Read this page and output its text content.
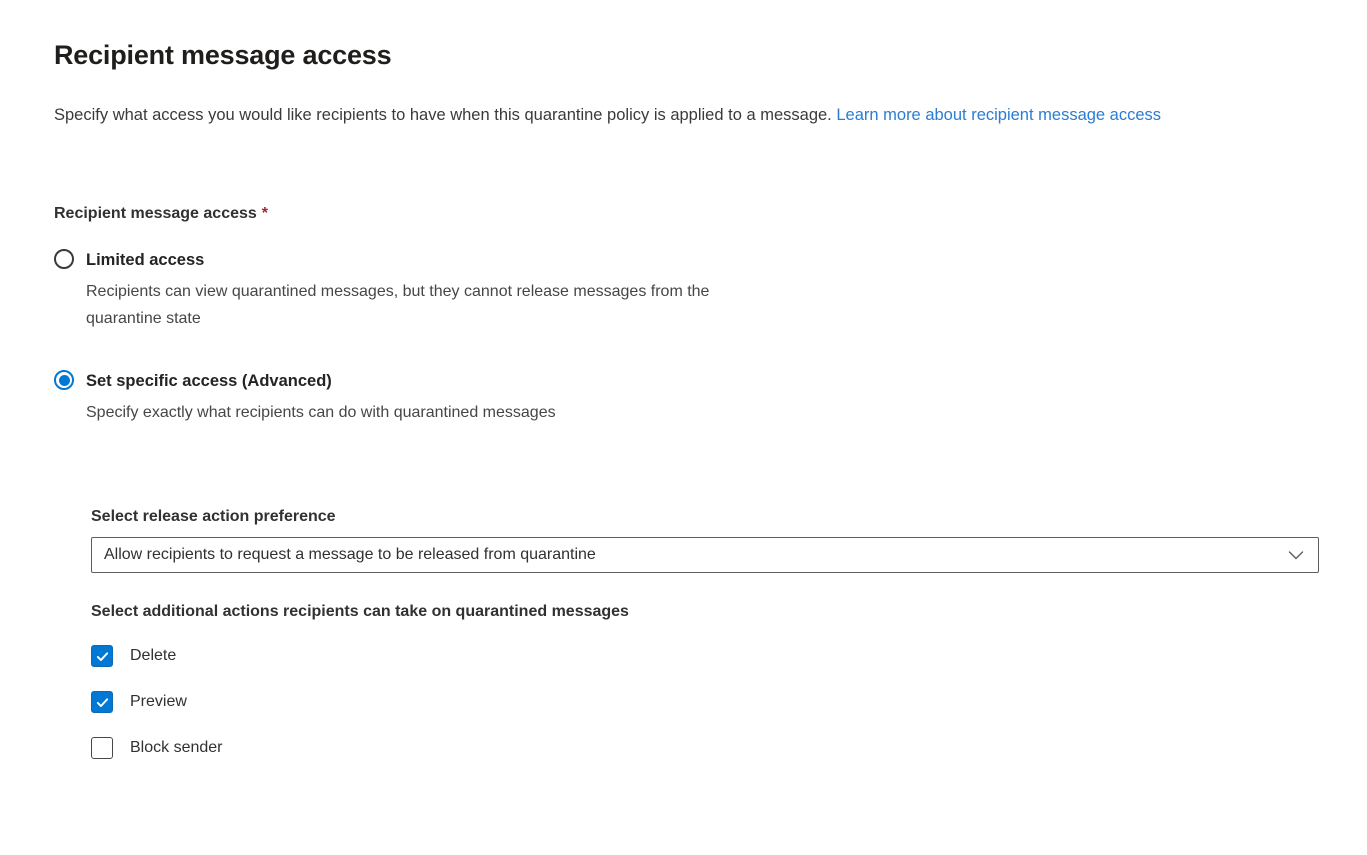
Recipient message access

Specify what access you would like recipients to have when this quarantine policy is applied to a message. Learn more about recipient message access

Recipient message access *
Limited access
Recipients can view quarantined messages, but they cannot release messages from the quarantine state
Set specific access (Advanced)
Specify exactly what recipients can do with quarantined messages
Select release action preference
Allow recipients to request a message to be released from quarantine
Select additional actions recipients can take on quarantined messages
Delete
Preview
Block sender
